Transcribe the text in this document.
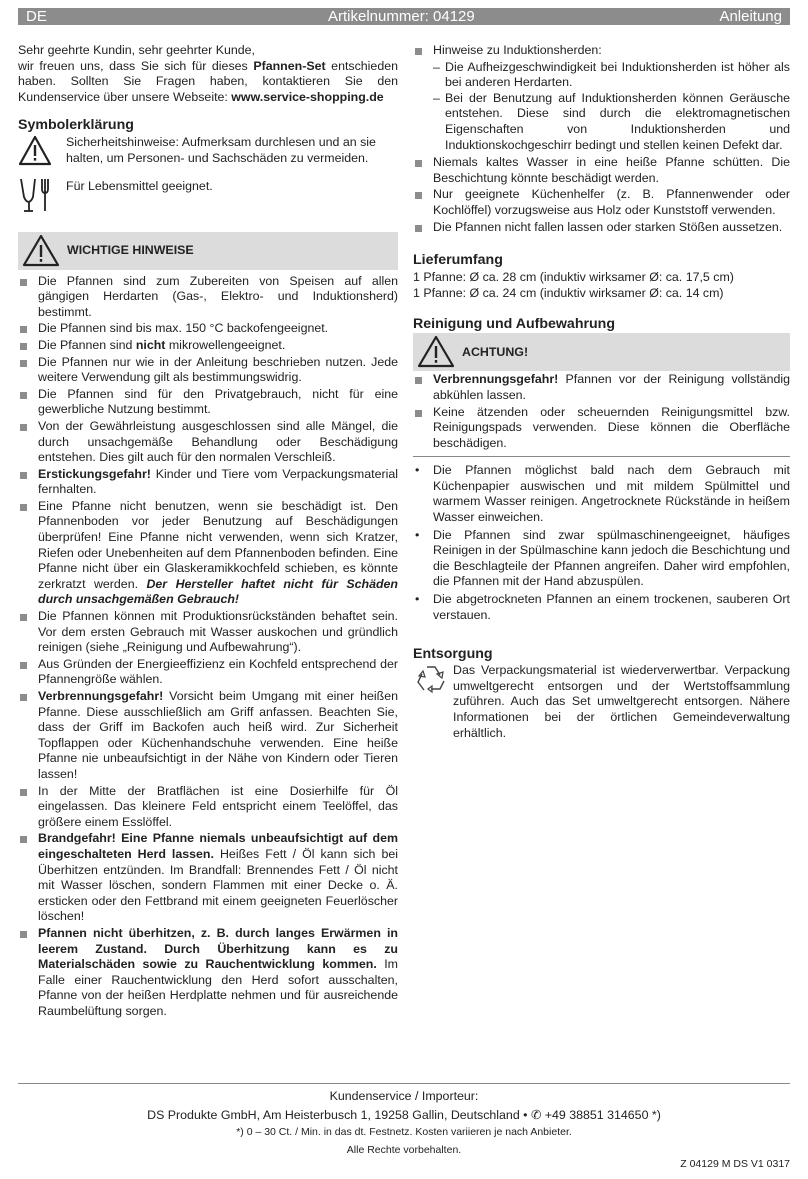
DE	Artikelnummer: 04129	Anleitung

Sehr geehrte Kundin, sehr geehrter Kunde,

wir freuen uns, dass Sie sich für dieses Pfannen-Set entschieden haben. Sollten Sie Fragen haben, kontaktieren Sie den Kundenservice über unsere Webseite: www.service-shopping.de

Symbolerklärung
Sicherheitshinweise: Aufmerksam durchlesen und an sie halten, um Personen- und Sachschäden zu vermeiden.
Für Lebensmittel geeignet.
WICHTIGE HINWEISE
Die Pfannen sind zum Zubereiten von Speisen auf allen gängigen Herdarten (Gas-, Elektro- und Induktionsherd) bestimmt.
Die Pfannen sind bis max. 150 °C backofengeeignet.
Die Pfannen sind nicht mikrowellengeeignet.
Die Pfannen nur wie in der Anleitung beschrieben nutzen. Jede weitere Verwendung gilt als bestimmungswidrig.
Die Pfannen sind für den Privatgebrauch, nicht für eine gewerbliche Nutzung bestimmt.
Von der Gewährleistung ausgeschlossen sind alle Mängel, die durch unsachgemäße Behandlung oder Beschädigung entstehen. Dies gilt auch für den normalen Verschleiß.
Erstickungsgefahr! Kinder und Tiere vom Verpackungsmaterial fernhalten.
Eine Pfanne nicht benutzen, wenn sie beschädigt ist. Den Pfannenboden vor jeder Benutzung auf Beschädigungen überprüfen! Eine Pfanne nicht verwenden, wenn sich Kratzer, Riefen oder Unebenheiten auf dem Pfannenboden befinden. Eine Pfanne nicht über ein Glaskeramikkochfeld schieben, es könnte zerkratzt werden. Der Hersteller haftet nicht für Schäden durch unsachgemäßen Gebrauch!
Die Pfannen können mit Produktionsrückständen behaftet sein. Vor dem ersten Gebrauch mit Wasser auskochen und gründlich reinigen (siehe „Reinigung und Aufbewahrung“).
Aus Gründen der Energieeffizienz ein Kochfeld entsprechend der Pfannengröße wählen.
Verbrennungsgefahr! Vorsicht beim Umgang mit einer heißen Pfanne. Diese ausschließlich am Griff anfassen. Beachten Sie, dass der Griff im Backofen auch heiß wird. Zur Sicherheit Topflappen oder Küchenhandschuhe verwenden. Eine heiße Pfanne nie unbeaufsichtigt in der Nähe von Kindern oder Tieren lassen!
In der Mitte der Bratflächen ist eine Dosierhilfe für Öl eingelassen. Das kleinere Feld entspricht einem Teelöffel, das größere einem Esslöffel.
Brandgefahr! Eine Pfanne niemals unbeaufsichtigt auf dem eingeschalteten Herd lassen. Heißes Fett / Öl kann sich bei Überhitzen entzünden. Im Brandfall: Brennendes Fett / Öl nicht mit Wasser löschen, sondern Flammen mit einer Decke o. Ä. ersticken oder den Fettbrand mit einem geeigneten Feuerlöscher löschen!
Pfannen nicht überhitzen, z. B. durch langes Erwärmen in leerem Zustand. Durch Überhitzung kann es zu Materialschäden sowie zu Rauchentwicklung kommen. Im Falle einer Rauchentwicklung den Herd sofort ausschalten, Pfanne von der heißen Herdplatte nehmen und für ausreichende Raumbelüftung sorgen.
Hinweise zu Induktionsherden:
– Die Aufheizgeschwindigkeit bei Induktionsherden ist höher als bei anderen Herdarten.
– Bei der Benutzung auf Induktionsherden können Geräusche entstehen. Diese sind durch die elektromagnetischen Eigenschaften von Induktionsherden und Induktionskochgeschirr bedingt und stellen keinen Defekt dar.
Niemals kaltes Wasser in eine heiße Pfanne schütten. Die Beschichtung könnte beschädigt werden.
Nur geeignete Küchenhelfer (z. B. Pfannenwender oder Kochlöffel) vorzugsweise aus Holz oder Kunststoff verwenden.
Die Pfannen nicht fallen lassen oder starken Stößen aussetzen.
Lieferumfang

1 Pfanne: Ø ca. 28 cm (induktiv wirksamer Ø: ca. 17,5 cm)

1 Pfanne: Ø ca. 24 cm (induktiv wirksamer Ø: ca. 14 cm)

Reinigung und Aufbewahrung
ACHTUNG!
Verbrennungsgefahr! Pfannen vor der Reinigung vollständig abkühlen lassen.
Keine ätzenden oder scheuernden Reinigungsmittel bzw. Reinigungspads verwenden. Diese können die Oberfläche beschädigen.
• Die Pfannen möglichst bald nach dem Gebrauch mit Küchenpapier auswischen und mit mildem Spülmittel und warmem Wasser reinigen. Angetrocknete Rückstände in heißem Wasser einweichen.
• Die Pfannen sind zwar spülmaschinengeeignet, häufiges Reinigen in der Spülmaschine kann jedoch die Beschichtung und die Beschlagteile der Pfannen angreifen. Daher wird empfohlen, die Pfannen mit der Hand abzuspülen.
• Die abgetrockneten Pfannen an einem trockenen, sauberen Ort verstauen.
Entsorgung
Das Verpackungsmaterial ist wiederverwertbar. Verpackung umweltgerecht entsorgen und der Wertstoffsammlung zuführen. Auch das Set umweltgerecht entsorgen. Nähere Informationen bei der örtlichen Gemeindeverwaltung erhältlich.
Kundenservice / Importeur:
DS Produkte GmbH, Am Heisterbusch 1, 19258 Gallin, Deutschland • ✆ +49 38851 314650 *)
*) 0 – 30 Ct. / Min. in das dt. Festnetz. Kosten variieren je nach Anbieter.
Alle Rechte vorbehalten.
Z 04129 M DS V1 0317
